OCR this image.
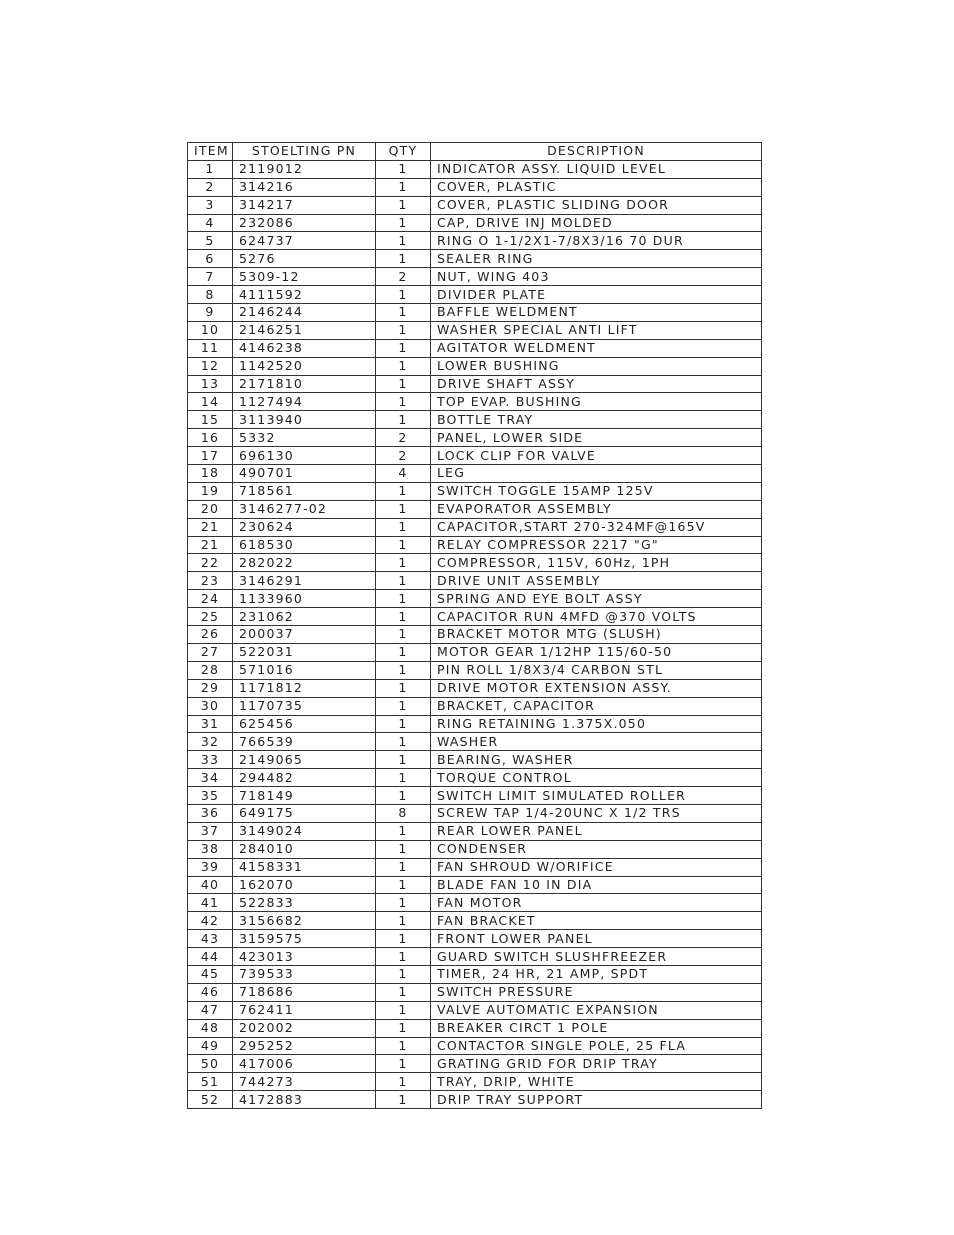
ITEM	STOELTING PN	QTY	DESCRIPTION
1	2119012	1	INDICATOR ASSY. LIQUID LEVEL
2	314216	1	COVER, PLASTIC
3	314217	1	COVER, PLASTIC SLIDING DOOR
4	232086	1	CAP, DRIVE INJ MOLDED
5	624737	1	RING O 1-1/2X1-7/8X3/16 70 DUR
6	5276	1	SEALER RING
7	5309-12	2	NUT, WING 403
8	4111592	1	DIVIDER PLATE
9	2146244	1	BAFFLE WELDMENT
10	2146251	1	WASHER SPECIAL ANTI LIFT
11	4146238	1	AGITATOR WELDMENT
12	1142520	1	LOWER BUSHING
13	2171810	1	DRIVE SHAFT ASSY
14	1127494	1	TOP EVAP. BUSHING
15	3113940	1	BOTTLE TRAY
16	5332	2	PANEL, LOWER SIDE
17	696130	2	LOCK CLIP FOR VALVE
18	490701	4	LEG
19	718561	1	SWITCH TOGGLE 15AMP 125V
20	3146277-02	1	EVAPORATOR ASSEMBLY
21	230624	1	CAPACITOR,START 270-324MF@165V
21	618530	1	RELAY COMPRESSOR 2217 "G"
22	282022	1	COMPRESSOR, 115V, 60Hz, 1PH
23	3146291	1	DRIVE UNIT ASSEMBLY
24	1133960	1	SPRING AND EYE BOLT ASSY
25	231062	1	CAPACITOR RUN 4MFD @370 VOLTS
26	200037	1	BRACKET MOTOR MTG (SLUSH)
27	522031	1	MOTOR GEAR 1/12HP 115/60-50
28	571016	1	PIN ROLL 1/8X3/4 CARBON STL
29	1171812	1	DRIVE MOTOR EXTENSION ASSY.
30	1170735	1	BRACKET, CAPACITOR
31	625456	1	RING RETAINING 1.375X.050
32	766539	1	WASHER
33	2149065	1	BEARING, WASHER
34	294482	1	TORQUE CONTROL
35	718149	1	SWITCH LIMIT SIMULATED ROLLER
36	649175	8	SCREW TAP 1/4-20UNC X 1/2 TRS
37	3149024	1	REAR LOWER PANEL
38	284010	1	CONDENSER
39	4158331	1	FAN SHROUD W/ORIFICE
40	162070	1	BLADE FAN 10 IN DIA
41	522833	1	FAN MOTOR
42	3156682	1	FAN BRACKET
43	3159575	1	FRONT LOWER PANEL
44	423013	1	GUARD SWITCH SLUSHFREEZER
45	739533	1	TIMER, 24 HR, 21 AMP, SPDT
46	718686	1	SWITCH PRESSURE
47	762411	1	VALVE AUTOMATIC EXPANSION
48	202002	1	BREAKER CIRCT 1 POLE
49	295252	1	CONTACTOR SINGLE POLE, 25 FLA
50	417006	1	GRATING GRID FOR DRIP TRAY
51	744273	1	TRAY, DRIP, WHITE
52	4172883	1	DRIP TRAY SUPPORT
